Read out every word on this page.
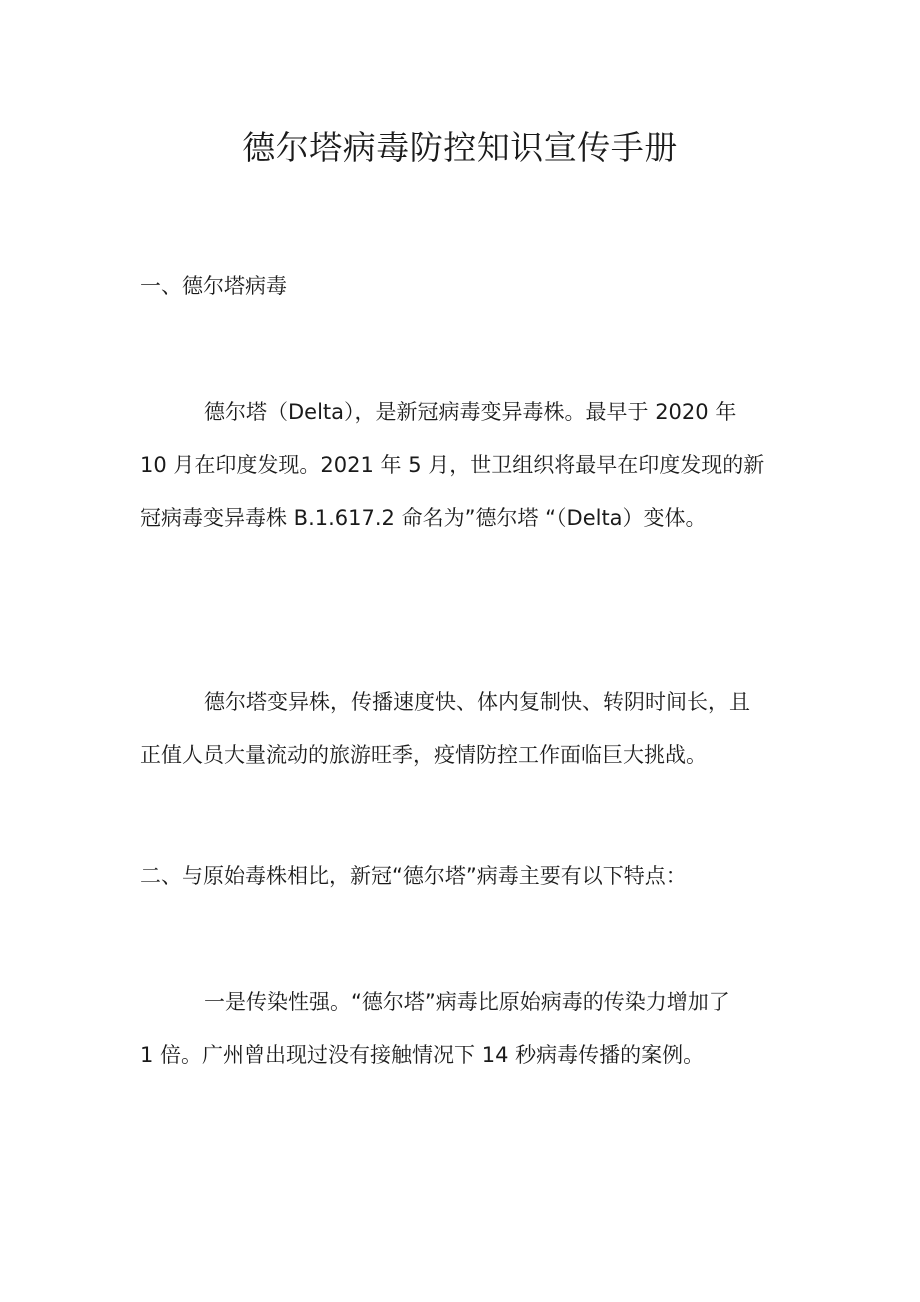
德尔塔病毒防控知识宣传手册
一、德尔塔病毒
德尔塔（Delta），是新冠病毒变异毒株。最早于 2020 年
10 月在印度发现。2021 年 5 月，世卫组织将最早在印度发现的新
冠病毒变异毒株 B.1.617.2 命名为”德尔塔 “（Delta）变体。
德尔塔变异株，传播速度快、体内复制快、转阴时间长，且
正值人员大量流动的旅游旺季，疫情防控工作面临巨大挑战。
二、与原始毒株相比，新冠“德尔塔”病毒主要有以下特点：
一是传染性强。“德尔塔”病毒比原始病毒的传染力增加了
1 倍。广州曾出现过没有接触情况下 14 秒病毒传播的案例。
